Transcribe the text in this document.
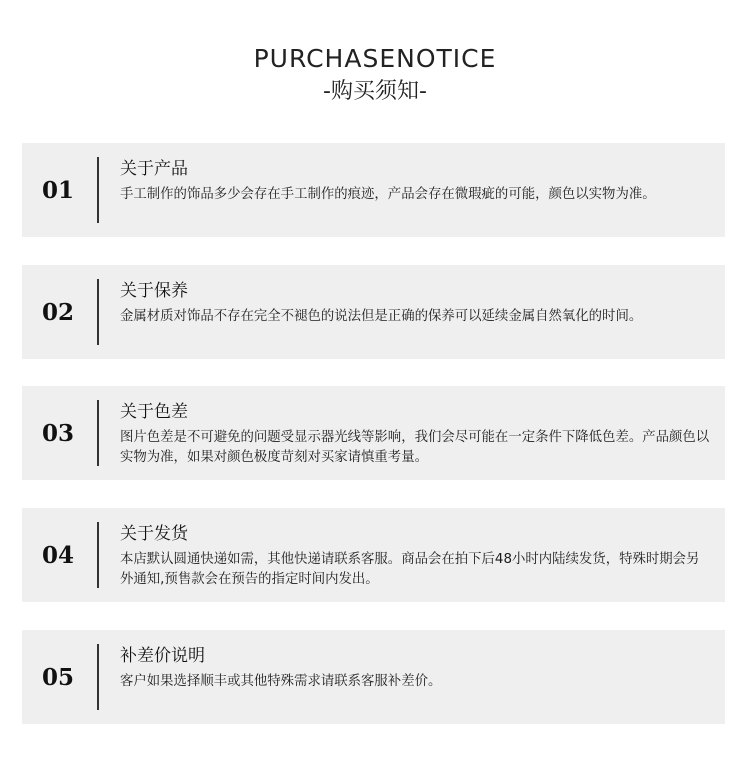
PURCHASENOTICE
-购买须知-
01
关于产品
手工制作的饰品多少会存在手工制作的痕迹，产品会存在微瑕疵的可能，颜色以实物为准。
02
关于保养
金属材质对饰品不存在完全不褪色的说法但是正确的保养可以延续金属自然氧化的时间。
03
关于色差
图片色差是不可避免的问题受显示器光线等影响，我们会尽可能在一定条件下降低色差。产品颜色以实物为准，如果对颜色极度苛刻对买家请慎重考量。
04
关于发货
本店默认圆通快递如需，其他快递请联系客服。商品会在拍下后48小时内陆续发货，特殊时期会另外通知,预售款会在预告的指定时间内发出。
05
补差价说明
客户如果选择顺丰或其他特殊需求请联系客服补差价。
